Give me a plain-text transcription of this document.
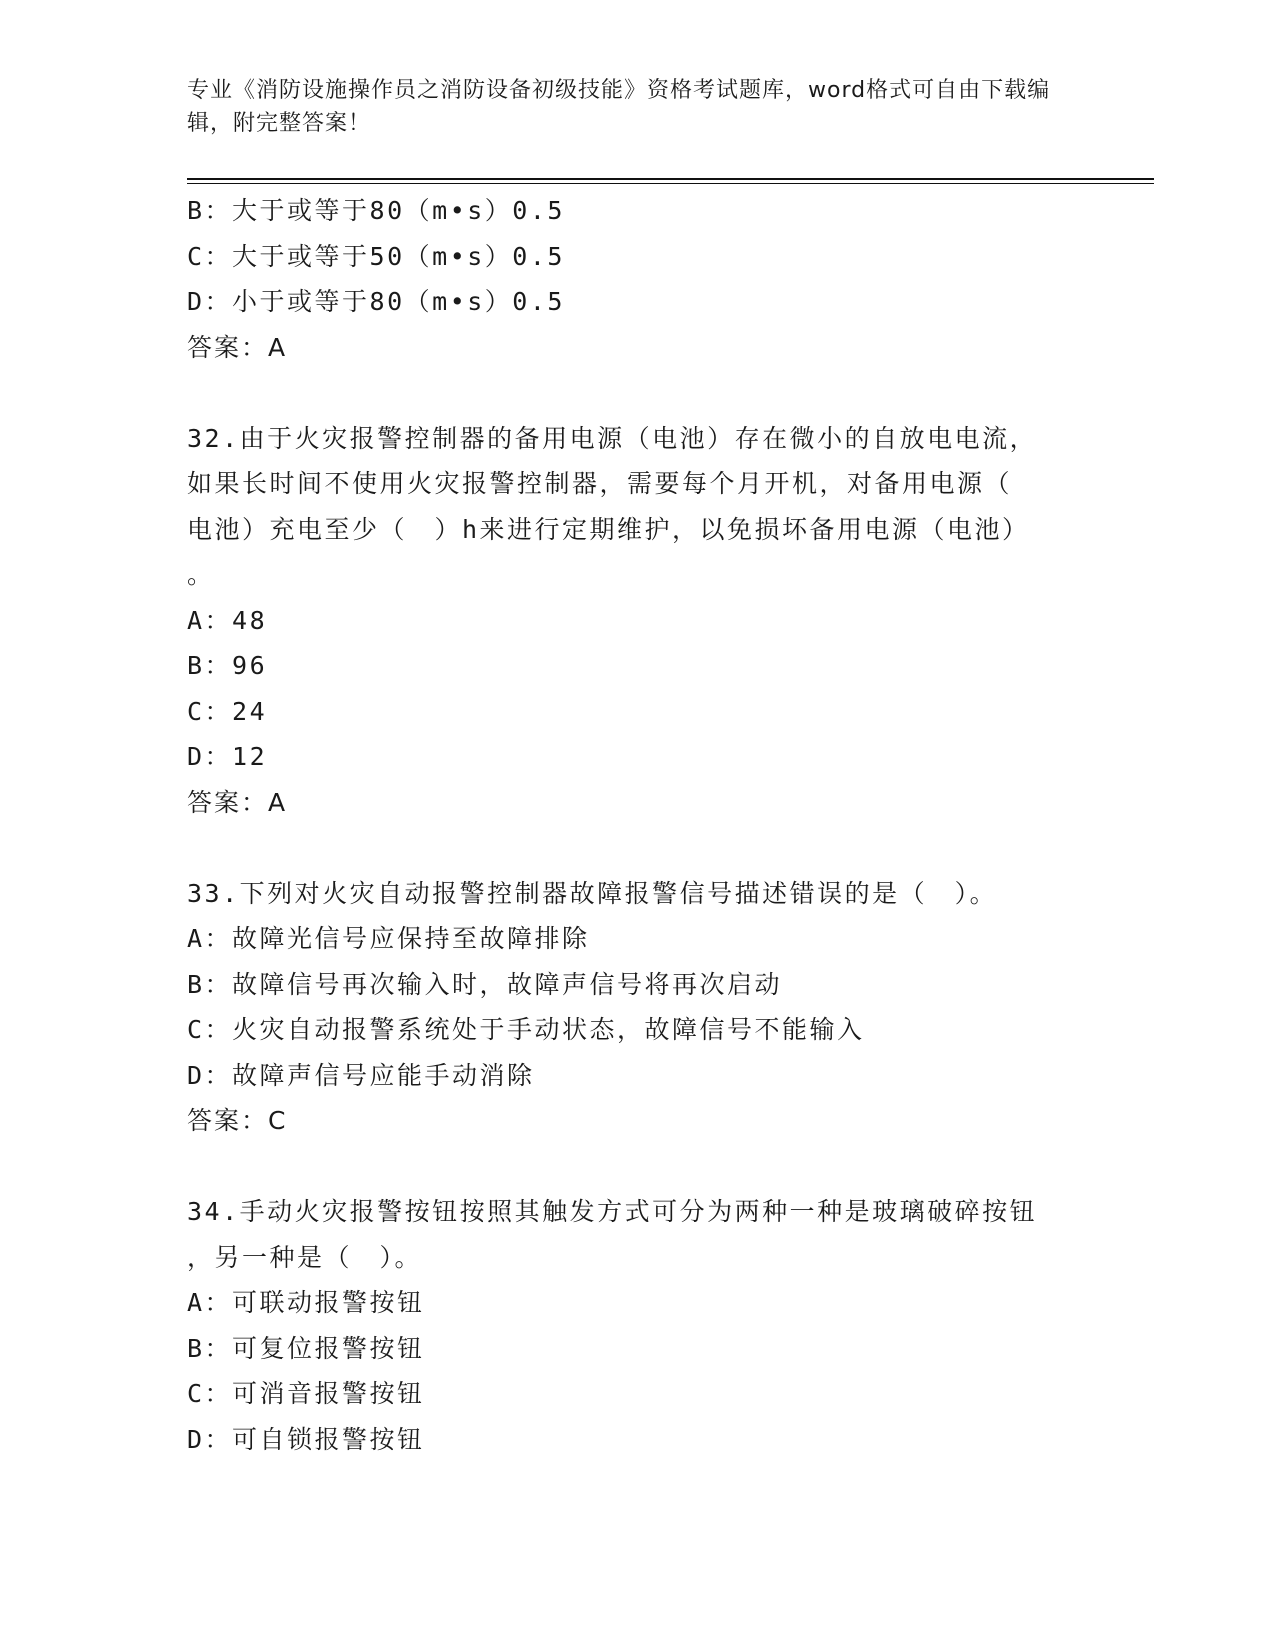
专业《消防设施操作员之消防设备初级技能》资格考试题库，word格式可自由下载编辑，附完整答案！
B：大于或等于80（m•s）0.5
C：大于或等于50（m•s）0.5
D：小于或等于80（m•s）0.5
答案：A
32.由于火灾报警控制器的备用电源（电池）存在微小的自放电电流，
如果长时间不使用火灾报警控制器，需要每个月开机，对备用电源（
电池）充电至少（　）h来进行定期维护，以免损坏备用电源（电池）
。
A：48
B：96
C：24
D：12
答案：A
33.下列对火灾自动报警控制器故障报警信号描述错误的是（　）。
A：故障光信号应保持至故障排除
B：故障信号再次输入时，故障声信号将再次启动
C：火灾自动报警系统处于手动状态，故障信号不能输入
D：故障声信号应能手动消除
答案：C
34.手动火灾报警按钮按照其触发方式可分为两种一种是玻璃破碎按钮
，另一种是（　）。
A：可联动报警按钮
B：可复位报警按钮
C：可消音报警按钮
D：可自锁报警按钮
